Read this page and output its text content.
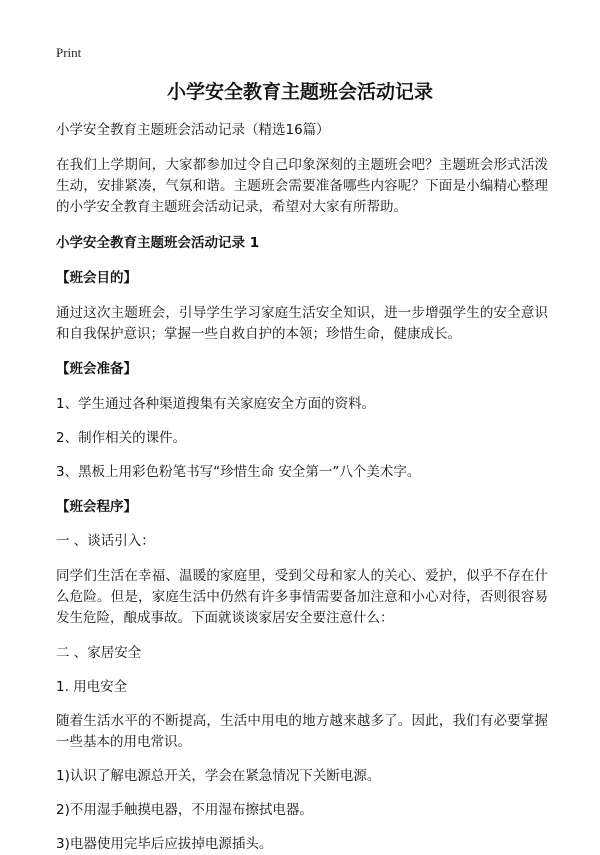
Print
小学安全教育主题班会活动记录

小学安全教育主题班会活动记录（精选16篇）

在我们上学期间，大家都参加过令自己印象深刻的主题班会吧？主题班会形式活泼生动，安排紧凑，气氛和谐。主题班会需要准备哪些内容呢？下面是小编精心整理的小学安全教育主题班会活动记录，希望对大家有所帮助。

小学安全教育主题班会活动记录 1

【班会目的】

通过这次主题班会，引导学生学习家庭生活安全知识，进一步增强学生的安全意识和自我保护意识；掌握一些自救自护的本领；珍惜生命，健康成长。

【班会准备】

1、学生通过各种渠道搜集有关家庭安全方面的资料。

2、制作相关的课件。

3、黑板上用彩色粉笔书写“珍惜生命 安全第一”八个美术字。

【班会程序】

一 、谈话引入：

同学们生活在幸福、温暖的家庭里，受到父母和家人的关心、爱护，似乎不存在什么危险。但是，家庭生活中仍然有许多事情需要备加注意和小心对待，否则很容易发生危险，酿成事故。下面就谈谈家居安全要注意什么：

二 、家居安全

1. 用电安全

随着生活水平的不断提高，生活中用电的地方越来越多了。因此，我们有必要掌握一些基本的用电常识。

1)认识了解电源总开关，学会在紧急情况下关断电源。

2)不用湿手触摸电器，不用湿布擦拭电器。

3)电器使用完毕后应拔掉电源插头。
